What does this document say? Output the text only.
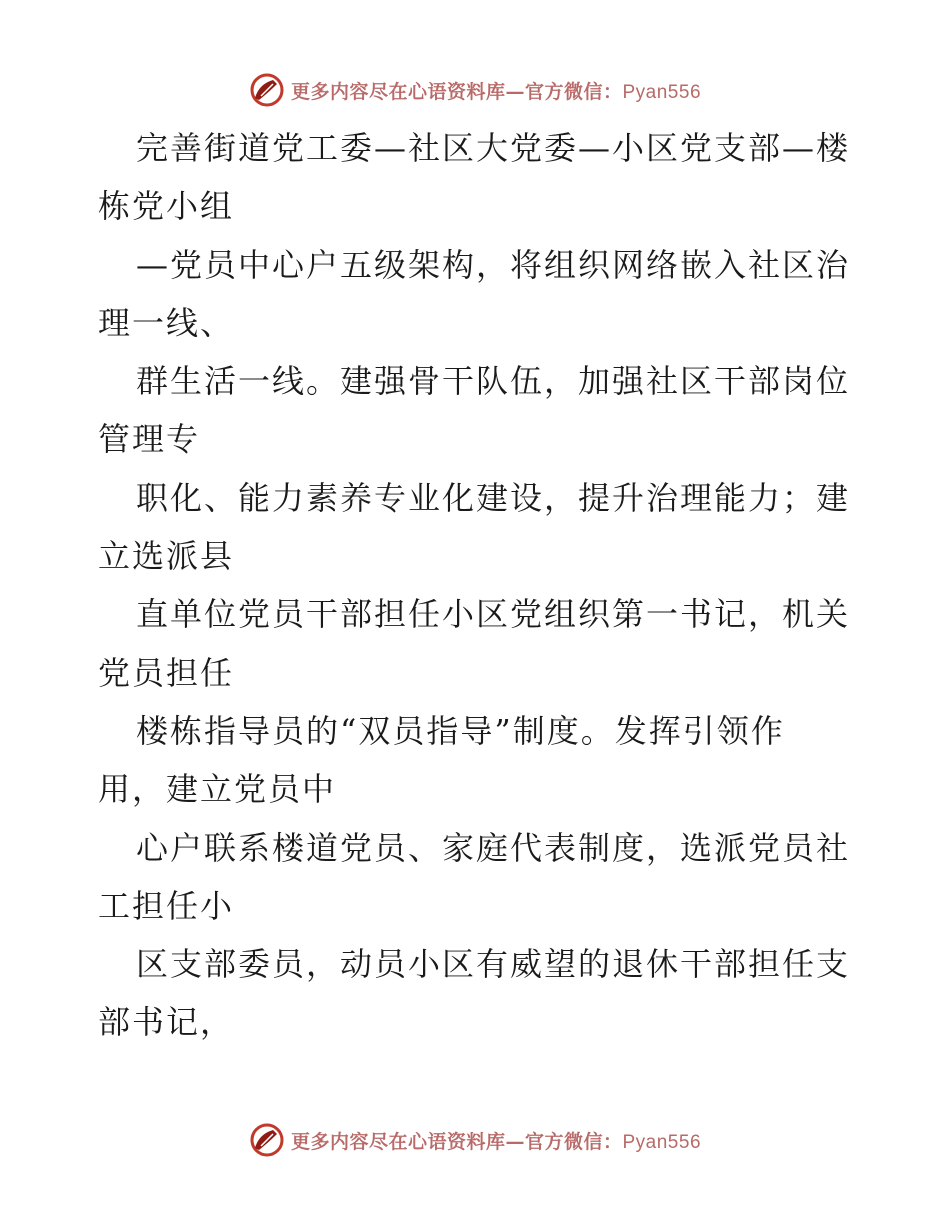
更多内容尽在心语资料库—官方微信：Pyan556
完善街道党工委—社区大党委—小区党支部—楼
栋党小组
—党员中心户五级架构，将组织网络嵌入社区治
理一线、
群生活一线。建强骨干队伍，加强社区干部岗位
管理专
职化、能力素养专业化建设，提升治理能力；建
立选派县
直单位党员干部担任小区党组织第一书记，机关
党员担任
楼栋指导员的“双员指导”制度。发挥引领作
用，建立党员中
心户联系楼道党员、家庭代表制度，选派党员社
工担任小
区支部委员，动员小区有威望的退休干部担任支
部书记，
更多内容尽在心语资料库—官方微信：Pyan556
